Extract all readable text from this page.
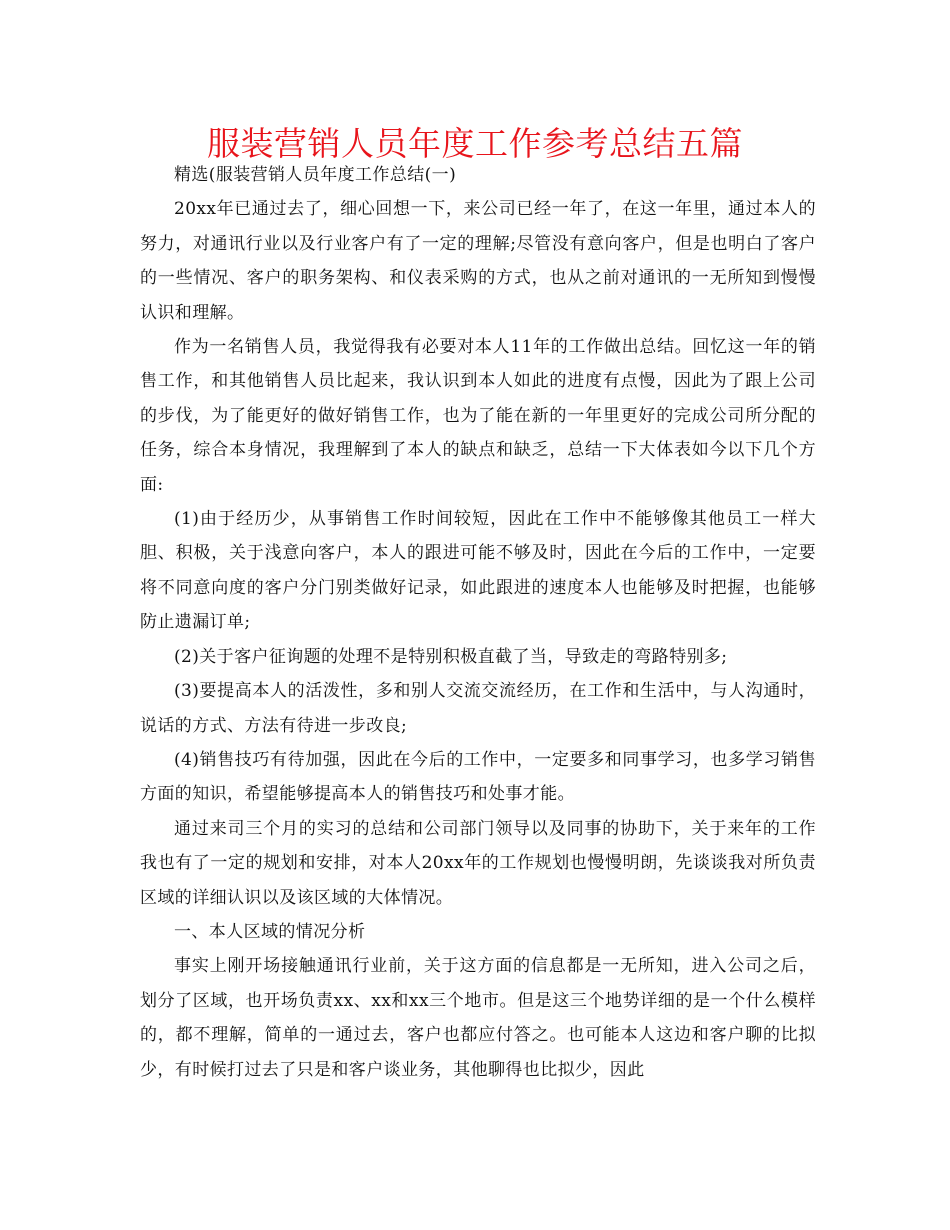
服装营销人员年度工作参考总结五篇

精选(服装营销人员年度工作总结(一)

20xx年已通过去了，细心回想一下，来公司已经一年了，在这一年里，通过本人的努力，对通讯行业以及行业客户有了一定的理解;尽管没有意向客户，但是也明白了客户的一些情况、客户的职务架构、和仪表采购的方式，也从之前对通讯的一无所知到慢慢认识和理解。

作为一名销售人员，我觉得我有必要对本人11年的工作做出总结。回忆这一年的销售工作，和其他销售人员比起来，我认识到本人如此的进度有点慢，因此为了跟上公司的步伐，为了能更好的做好销售工作，也为了能在新的一年里更好的完成公司所分配的任务，综合本身情况，我理解到了本人的缺点和缺乏，总结一下大体表如今以下几个方面:

(1)由于经历少，从事销售工作时间较短，因此在工作中不能够像其他员工一样大胆、积极，关于浅意向客户，本人的跟进可能不够及时，因此在今后的工作中，一定要将不同意向度的客户分门别类做好记录，如此跟进的速度本人也能够及时把握，也能够防止遗漏订单;

(2)关于客户征询题的处理不是特别积极直截了当，导致走的弯路特别多;

(3)要提高本人的活泼性，多和别人交流交流经历，在工作和生活中，与人沟通时，说话的方式、方法有待进一步改良;

(4)销售技巧有待加强，因此在今后的工作中，一定要多和同事学习，也多学习销售方面的知识，希望能够提高本人的销售技巧和处事才能。

通过来司三个月的实习的总结和公司部门领导以及同事的协助下，关于来年的工作我也有了一定的规划和安排，对本人20xx年的工作规划也慢慢明朗，先谈谈我对所负责区域的详细认识以及该区域的大体情况。

一、本人区域的情况分析

事实上刚开场接触通讯行业前，关于这方面的信息都是一无所知，进入公司之后，划分了区域，也开场负责xx、xx和xx三个地市。但是这三个地势详细的是一个什么模样的，都不理解，简单的一通过去，客户也都应付答之。也可能本人这边和客户聊的比拟少，有时候打过去了只是和客户谈业务，其他聊得也比拟少，因此
